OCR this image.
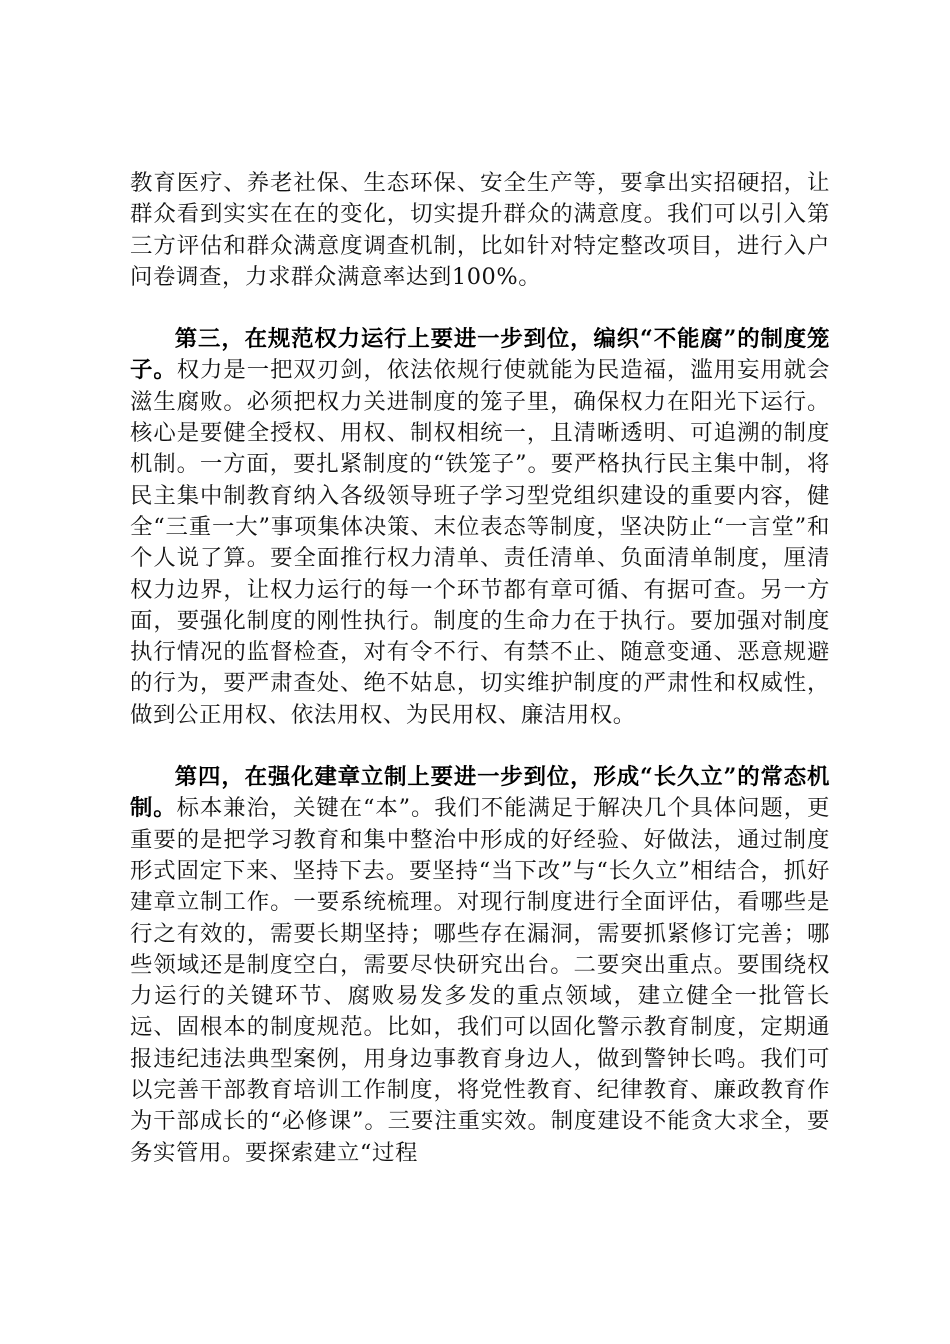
教育医疗、养老社保、生态环保、安全生产等，要拿出实招硬招，让群众看到实实在在的变化，切实提升群众的满意度。我们可以引入第三方评估和群众满意度调查机制，比如针对特定整改项目，进行入户问卷调查，力求群众满意率达到100%。

第三，在规范权力运行上要进一步到位，编织“不能腐”的制度笼子。权力是一把双刃剑，依法依规行使就能为民造福，滥用妄用就会滋生腐败。必须把权力关进制度的笼子里，确保权力在阳光下运行。核心是要健全授权、用权、制权相统一，且清晰透明、可追溯的制度机制。一方面，要扎紧制度的“铁笼子”。要严格执行民主集中制，将民主集中制教育纳入各级领导班子学习型党组织建设的重要内容，健全“三重一大”事项集体决策、末位表态等制度，坚决防止“一言堂”和个人说了算。要全面推行权力清单、责任清单、负面清单制度，厘清权力边界，让权力运行的每一个环节都有章可循、有据可查。另一方面，要强化制度的刚性执行。制度的生命力在于执行。要加强对制度执行情况的监督检查，对有令不行、有禁不止、随意变通、恶意规避的行为，要严肃查处、绝不姑息，切实维护制度的严肃性和权威性，做到公正用权、依法用权、为民用权、廉洁用权。

第四，在强化建章立制上要进一步到位，形成“长久立”的常态机制。标本兼治，关键在“本”。我们不能满足于解决几个具体问题，更重要的是把学习教育和集中整治中形成的好经验、好做法，通过制度形式固定下来、坚持下去。要坚持“当下改”与“长久立”相结合，抓好建章立制工作。一要系统梳理。对现行制度进行全面评估，看哪些是行之有效的，需要长期坚持；哪些存在漏洞，需要抓紧修订完善；哪些领域还是制度空白，需要尽快研究出台。二要突出重点。要围绕权力运行的关键环节、腐败易发多发的重点领域，建立健全一批管长远、固根本的制度规范。比如，我们可以固化警示教育制度，定期通报违纪违法典型案例，用身边事教育身边人，做到警钟长鸣。我们可以完善干部教育培训工作制度，将党性教育、纪律教育、廉政教育作为干部成长的“必修课”。三要注重实效。制度建设不能贪大求全，要务实管用。要探索建立“过程
